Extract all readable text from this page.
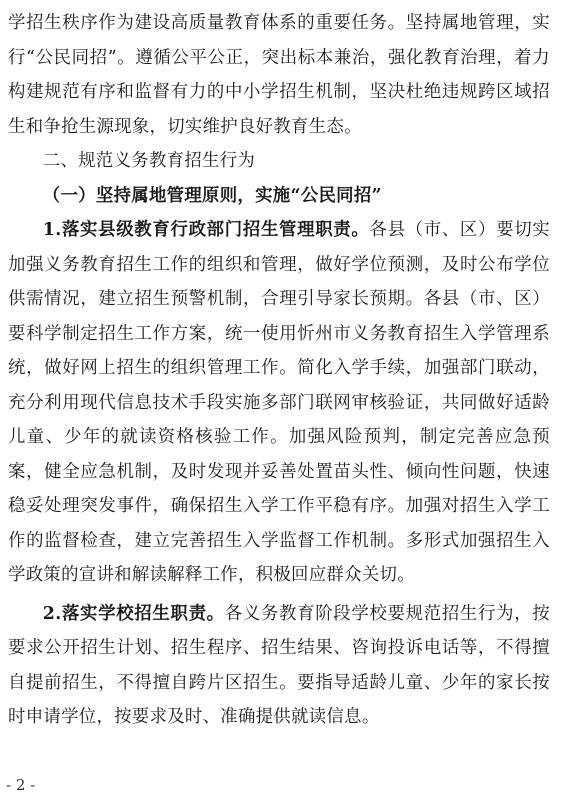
学招生秩序作为建设高质量教育体系的重要任务。坚持属地管理，实行“公民同招”。遵循公平公正，突出标本兼治，强化教育治理，着力构建规范有序和监督有力的中小学招生机制，坚决杜绝违规跨区域招生和争抢生源现象，切实维护良好教育生态。

二、规范义务教育招生行为

（一）坚持属地管理原则，实施“公民同招”

1.落实县级教育行政部门招生管理职责。各县（市、区）要切实加强义务教育招生工作的组织和管理，做好学位预测，及时公布学位供需情况，建立招生预警机制，合理引导家长预期。各县（市、区）要科学制定招生工作方案，统一使用忻州市义务教育招生入学管理系统，做好网上招生的组织管理工作。简化入学手续，加强部门联动，充分利用现代信息技术手段实施多部门联网审核验证，共同做好适龄儿童、少年的就读资格核验工作。加强风险预判，制定完善应急预案，健全应急机制，及时发现并妥善处置苗头性、倾向性问题，快速稳妥处理突发事件，确保招生入学工作平稳有序。加强对招生入学工作的监督检查，建立完善招生入学监督工作机制。多形式加强招生入学政策的宣讲和解读解释工作，积极回应群众关切。

2.落实学校招生职责。各义务教育阶段学校要规范招生行为，按要求公开招生计划、招生程序、招生结果、咨询投诉电话等，不得擅自提前招生，不得擅自跨片区招生。要指导适龄儿童、少年的家长按时申请学位，按要求及时、准确提供就读信息。

- 2 -
